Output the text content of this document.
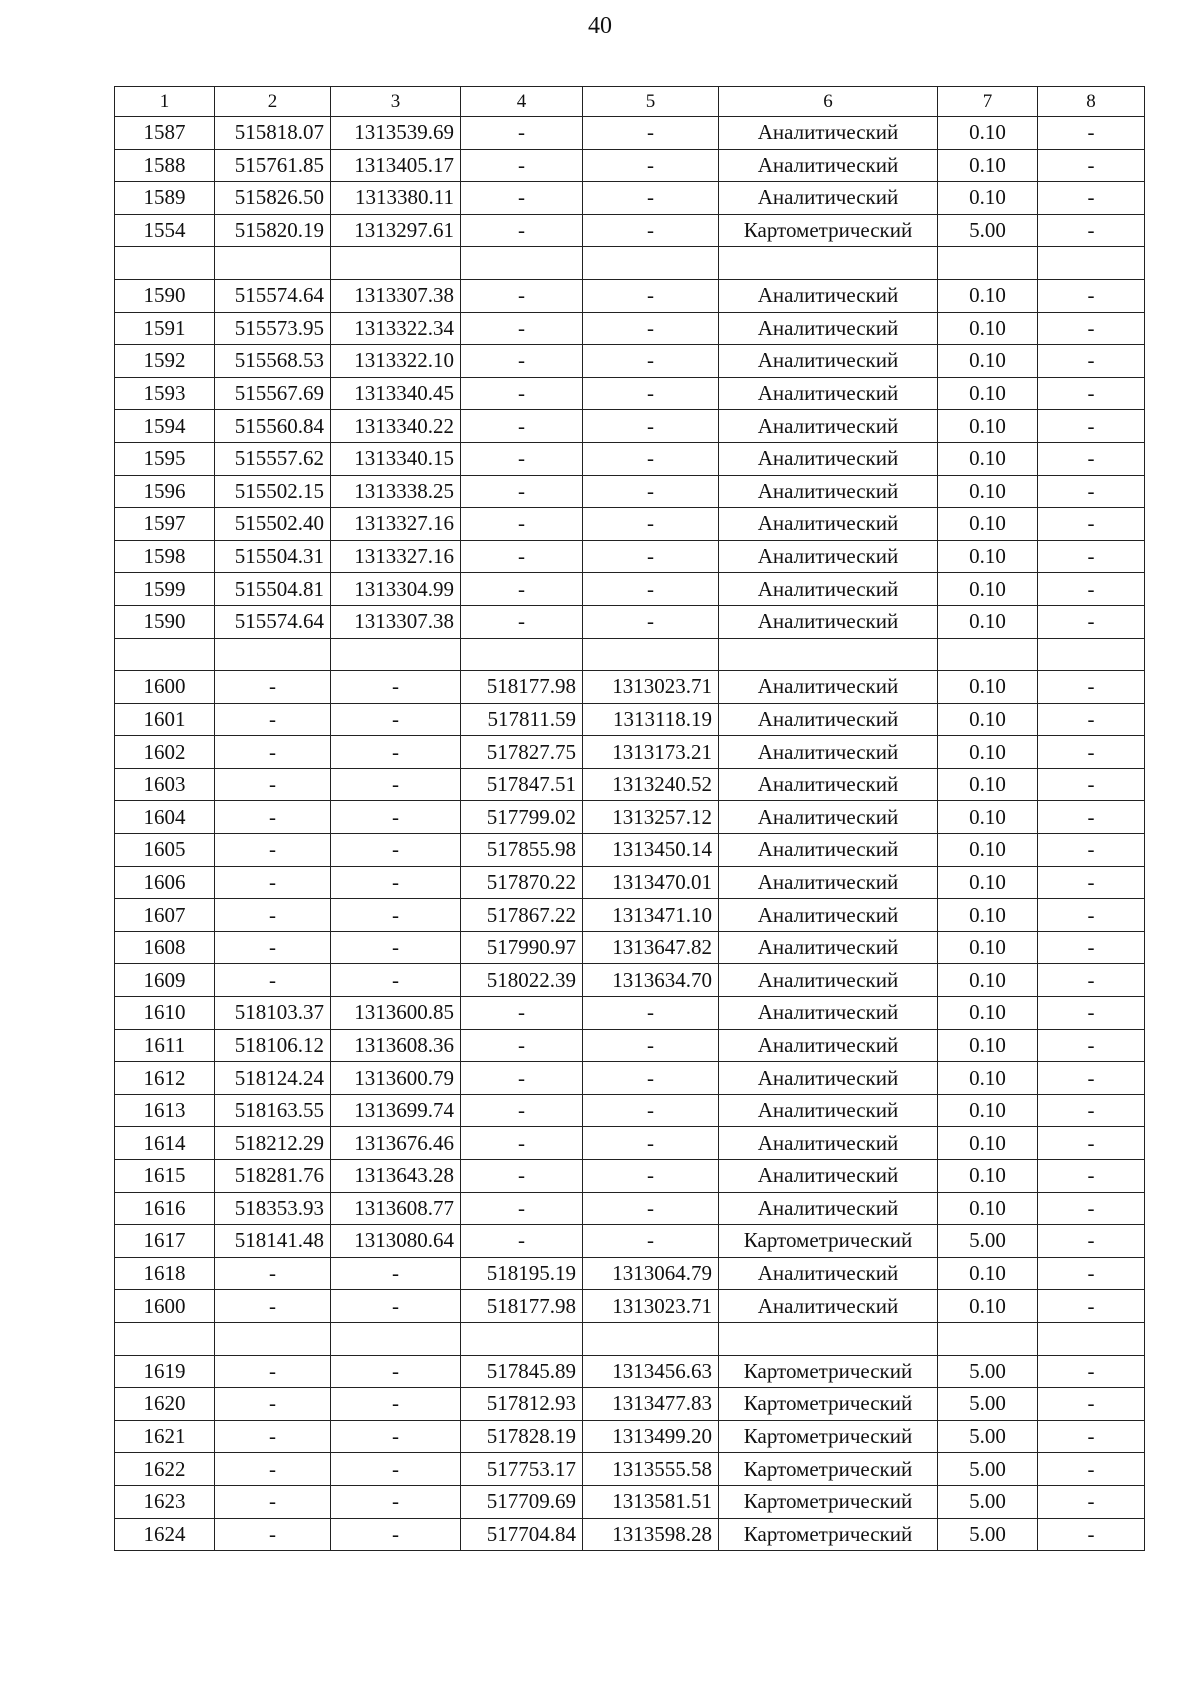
40
1	2	3	4	5	6	7	8
1587	515818.07	1313539.69	-	-	Аналитический	0.10	-
1588	515761.85	1313405.17	-	-	Аналитический	0.10	-
1589	515826.50	1313380.11	-	-	Аналитический	0.10	-
1554	515820.19	1313297.61	-	-	Картометрический	5.00	-

1590	515574.64	1313307.38	-	-	Аналитический	0.10	-
1591	515573.95	1313322.34	-	-	Аналитический	0.10	-
1592	515568.53	1313322.10	-	-	Аналитический	0.10	-
1593	515567.69	1313340.45	-	-	Аналитический	0.10	-
1594	515560.84	1313340.22	-	-	Аналитический	0.10	-
1595	515557.62	1313340.15	-	-	Аналитический	0.10	-
1596	515502.15	1313338.25	-	-	Аналитический	0.10	-
1597	515502.40	1313327.16	-	-	Аналитический	0.10	-
1598	515504.31	1313327.16	-	-	Аналитический	0.10	-
1599	515504.81	1313304.99	-	-	Аналитический	0.10	-
1590	515574.64	1313307.38	-	-	Аналитический	0.10	-

1600	-	-	518177.98	1313023.71	Аналитический	0.10	-
1601	-	-	517811.59	1313118.19	Аналитический	0.10	-
1602	-	-	517827.75	1313173.21	Аналитический	0.10	-
1603	-	-	517847.51	1313240.52	Аналитический	0.10	-
1604	-	-	517799.02	1313257.12	Аналитический	0.10	-
1605	-	-	517855.98	1313450.14	Аналитический	0.10	-
1606	-	-	517870.22	1313470.01	Аналитический	0.10	-
1607	-	-	517867.22	1313471.10	Аналитический	0.10	-
1608	-	-	517990.97	1313647.82	Аналитический	0.10	-
1609	-	-	518022.39	1313634.70	Аналитический	0.10	-
1610	518103.37	1313600.85	-	-	Аналитический	0.10	-
1611	518106.12	1313608.36	-	-	Аналитический	0.10	-
1612	518124.24	1313600.79	-	-	Аналитический	0.10	-
1613	518163.55	1313699.74	-	-	Аналитический	0.10	-
1614	518212.29	1313676.46	-	-	Аналитический	0.10	-
1615	518281.76	1313643.28	-	-	Аналитический	0.10	-
1616	518353.93	1313608.77	-	-	Аналитический	0.10	-
1617	518141.48	1313080.64	-	-	Картометрический	5.00	-
1618	-	-	518195.19	1313064.79	Аналитический	0.10	-
1600	-	-	518177.98	1313023.71	Аналитический	0.10	-

1619	-	-	517845.89	1313456.63	Картометрический	5.00	-
1620	-	-	517812.93	1313477.83	Картометрический	5.00	-
1621	-	-	517828.19	1313499.20	Картометрический	5.00	-
1622	-	-	517753.17	1313555.58	Картометрический	5.00	-
1623	-	-	517709.69	1313581.51	Картометрический	5.00	-
1624	-	-	517704.84	1313598.28	Картометрический	5.00	-
